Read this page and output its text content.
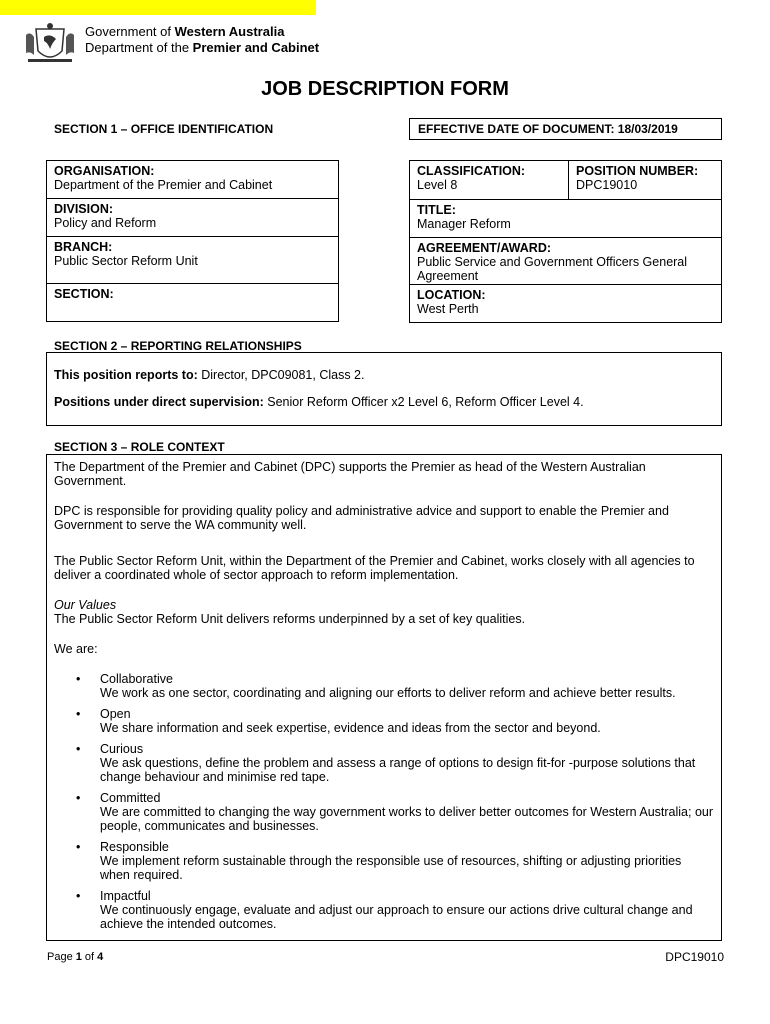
Government of Western Australia
Department of the Premier and Cabinet
JOB DESCRIPTION FORM
SECTION 1 – OFFICE IDENTIFICATION	EFFECTIVE DATE OF DOCUMENT: 18/03/2019
ORGANISATION:
Department of the Premier and Cabinet
DIVISION:
Policy and Reform
BRANCH:
Public Sector Reform Unit
SECTION:
CLASSIFICATION:
Level 8
POSITION NUMBER:
DPC19010
TITLE:
Manager Reform
AGREEMENT/AWARD:
Public Service and Government Officers General Agreement
LOCATION:
West Perth
SECTION 2 – REPORTING RELATIONSHIPS

This position reports to: Director, DPC09081, Class 2.

Positions under direct supervision: Senior Reform Officer x2 Level 6, Reform Officer Level 4.

SECTION 3 – ROLE CONTEXT

The Department of the Premier and Cabinet (DPC) supports the Premier as head of the Western Australian Government.

DPC is responsible for providing quality policy and administrative advice and support to enable the Premier and Government to serve the WA community well.

The Public Sector Reform Unit, within the Department of the Premier and Cabinet, works closely with all agencies to deliver a coordinated whole of sector approach to reform implementation.

Our Values

The Public Sector Reform Unit delivers reforms underpinned by a set of key qualities.

We are:

• Collaborative
We work as one sector, coordinating and aligning our efforts to deliver reform and achieve better results.
• Open
We share information and seek expertise, evidence and ideas from the sector and beyond.
• Curious
We ask questions, define the problem and assess a range of options to design fit-for -purpose solutions that change behaviour and minimise red tape.
• Committed
We are committed to changing the way government works to deliver better outcomes for Western Australia; our people, communicates and businesses.
• Responsible
We implement reform sustainable through the responsible use of resources, shifting or adjusting priorities when required.
• Impactful
We continuously engage, evaluate and adjust our approach to ensure our actions drive cultural change and achieve the intended outcomes.
Page 1 of 4	DPC19010
